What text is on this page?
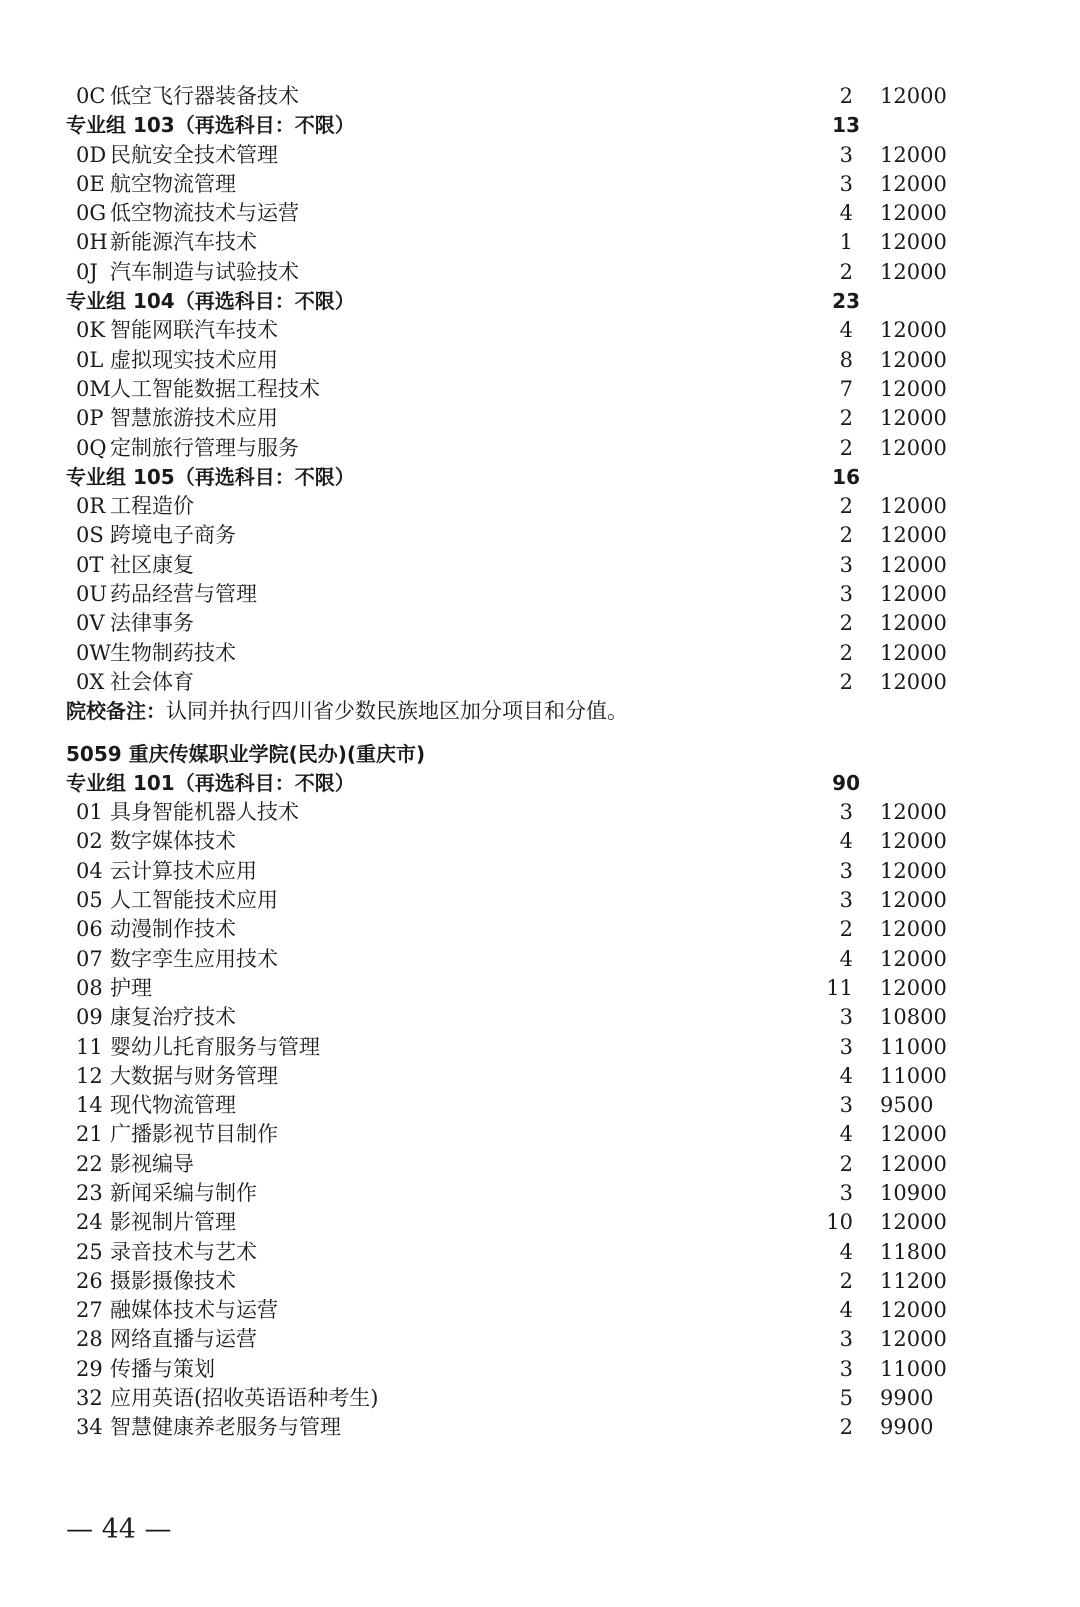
0C 低空飞行器装备技术	2 12000
专业组 103（再选科目：不限）	13
0D 民航安全技术管理	3 12000
0E 航空物流管理	3 12000
0G 低空物流技术与运营	4 12000
0H 新能源汽车技术	1 12000
0J 汽车制造与试验技术	2 12000
专业组 104（再选科目：不限）	23
0K 智能网联汽车技术	4 12000
0L 虚拟现实技术应用	8 12000
0M 人工智能数据工程技术	7 12000
0P 智慧旅游技术应用	2 12000
0Q 定制旅行管理与服务	2 12000
专业组 105（再选科目：不限）	16
0R 工程造价	2 12000
0S 跨境电子商务	2 12000
0T 社区康复	3 12000
0U 药品经营与管理	3 12000
0V 法律事务	2 12000
0W 生物制药技术	2 12000
0X 社会体育	2 12000
院校备注：认同并执行四川省少数民族地区加分项目和分值。
5059 重庆传媒职业学院(民办)(重庆市)
专业组 101（再选科目：不限）	90
01 具身智能机器人技术	3 12000
02 数字媒体技术	4 12000
04 云计算技术应用	3 12000
05 人工智能技术应用	3 12000
06 动漫制作技术	2 12000
07 数字孪生应用技术	4 12000
08 护理	11 12000
09 康复治疗技术	3 10800
11 婴幼儿托育服务与管理	3 11000
12 大数据与财务管理	4 11000
14 现代物流管理	3 9500
21 广播影视节目制作	4 12000
22 影视编导	2 12000
23 新闻采编与制作	3 10900
24 影视制片管理	10 12000
25 录音技术与艺术	4 11800
26 摄影摄像技术	2 11200
27 融媒体技术与运营	4 12000
28 网络直播与运营	3 12000
29 传播与策划	3 11000
32 应用英语(招收英语语种考生)	5 9900
34 智慧健康养老服务与管理	2 9900
— 44 —
